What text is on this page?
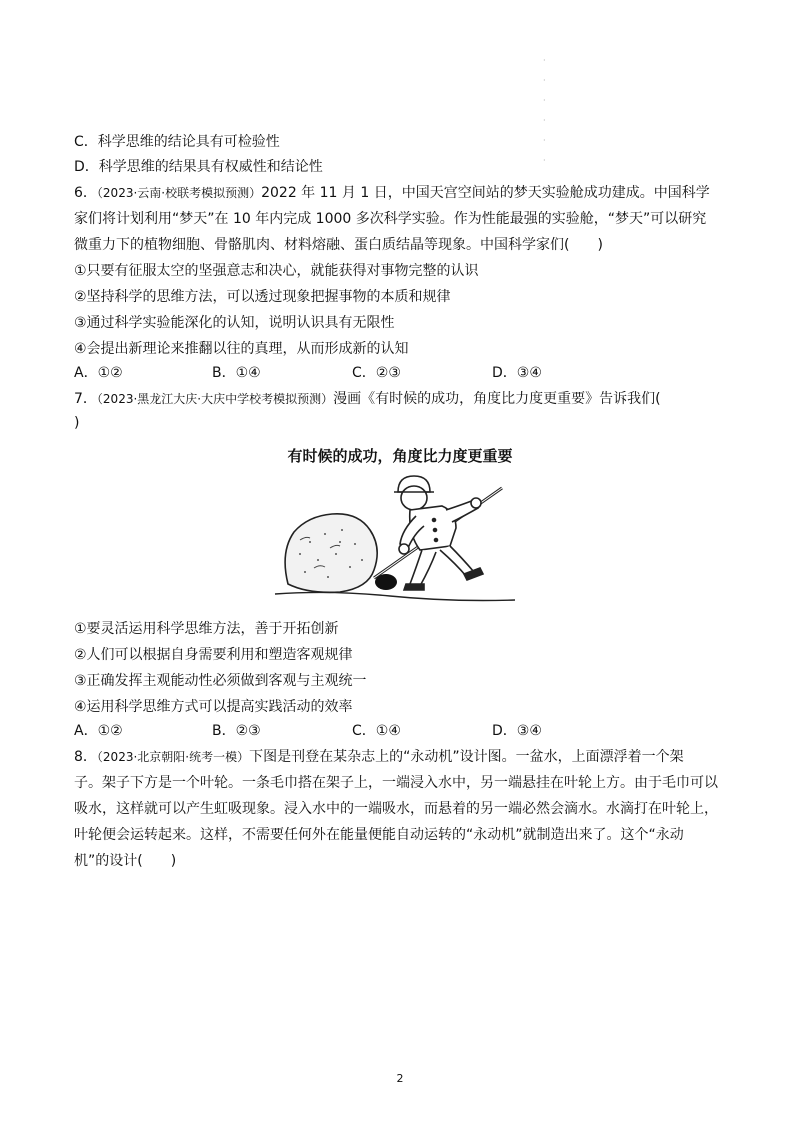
·

·

·

·

·

·
C．科学思维的结论具有可检验性
D．科学思维的结果具有权威性和结论性
6．（2023·云南·校联考模拟预测）2022 年 11 月 1 日，中国天宫空间站的梦天实验舱成功建成。中国科学
家们将计划利用“梦天”在 10 年内完成 1000 多次科学实验。作为性能最强的实验舱，“梦天”可以研究
微重力下的植物细胞、骨骼肌肉、材料熔融、蛋白质结晶等现象。中国科学家们(　　)
①只要有征服太空的坚强意志和决心，就能获得对事物完整的认识
②坚持科学的思维方法，可以透过现象把握事物的本质和规律
③通过科学实验能深化的认知，说明认识具有无限性
④会提出新理论来推翻以往的真理，从而形成新的认知
A．①②	B．①④	C．②③	D．③④
7．（2023·黑龙江大庆·大庆中学校考模拟预测）漫画《有时候的成功，角度比力度更重要》告诉我们(
)
有时候的成功，角度比力度更重要
①要灵活运用科学思维方法，善于开拓创新
②人们可以根据自身需要利用和塑造客观规律
③正确发挥主观能动性必须做到客观与主观统一
④运用科学思维方式可以提高实践活动的效率
A．①②	B．②③	C．①④	D．③④
8．（2023·北京朝阳·统考一模）下图是刊登在某杂志上的“永动机”设计图。一盆水，上面漂浮着一个架
子。架子下方是一个叶轮。一条毛巾搭在架子上，一端浸入水中，另一端悬挂在叶轮上方。由于毛巾可以
吸水，这样就可以产生虹吸现象。浸入水中的一端吸水，而悬着的另一端必然会滴水。水滴打在叶轮上，
叶轮便会运转起来。这样，不需要任何外在能量便能自动运转的“永动机”就制造出来了。这个“永动
机”的设计(　　)
2
